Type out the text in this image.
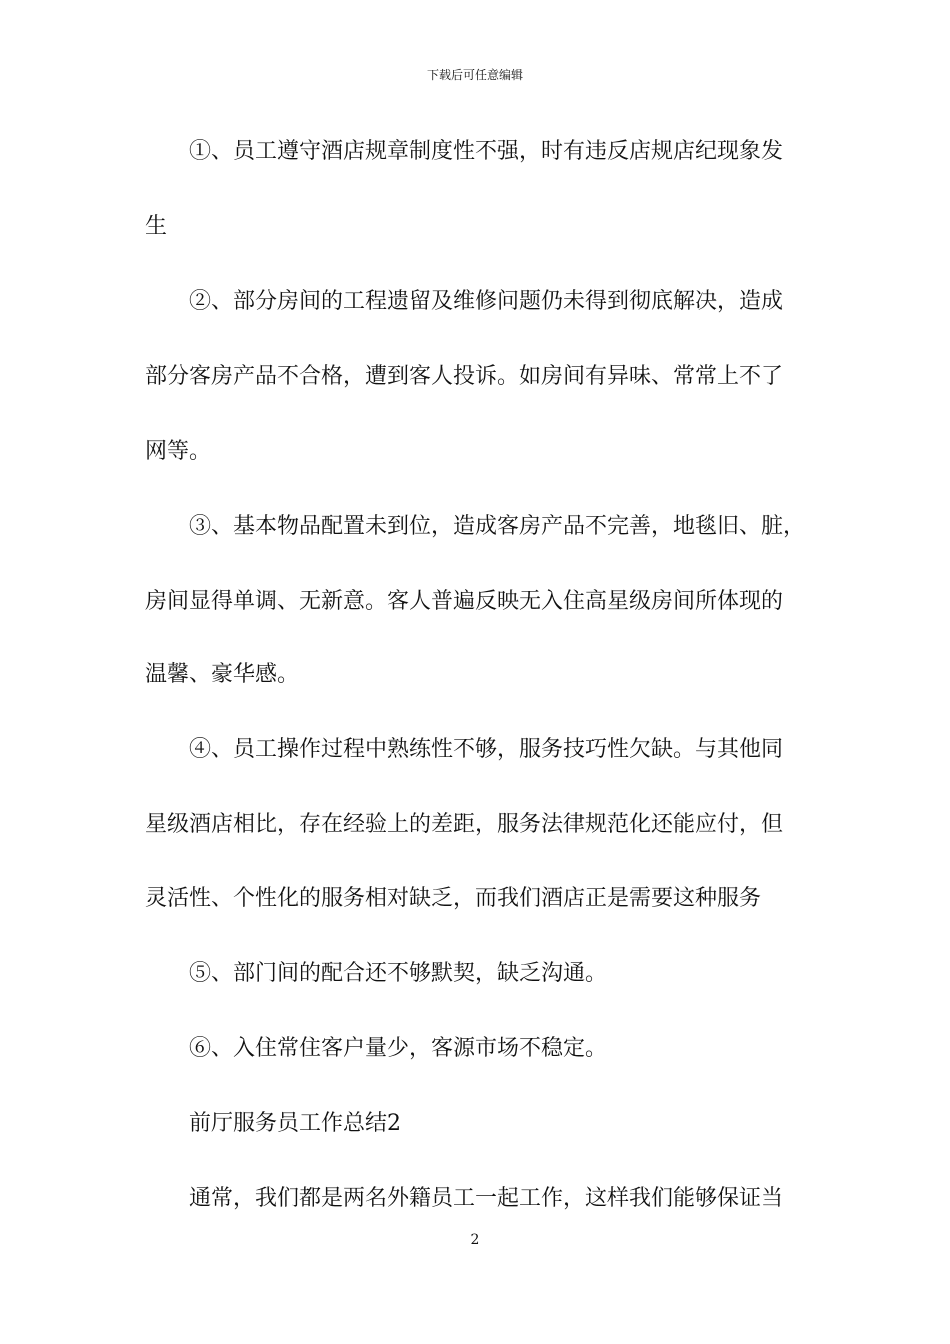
下载后可任意编辑
①、员工遵守酒店规章制度性不强，时有违反店规店纪现象发
生
②、部分房间的工程遗留及维修问题仍未得到彻底解决，造成
部分客房产品不合格，遭到客人投诉。如房间有异味、常常上不了
网等。
③、基本物品配置未到位，造成客房产品不完善，地毯旧、脏，
房间显得单调、无新意。客人普遍反映无入住高星级房间所体现的
温馨、豪华感。
④、员工操作过程中熟练性不够，服务技巧性欠缺。与其他同
星级酒店相比，存在经验上的差距，服务法律规范化还能应付，但
灵活性、个性化的服务相对缺乏，而我们酒店正是需要这种服务
⑤、部门间的配合还不够默契，缺乏沟通。
⑥、入住常住客户量少，客源市场不稳定。
前厅服务员工作总结2
通常，我们都是两名外籍员工一起工作，这样我们能够保证当
2
